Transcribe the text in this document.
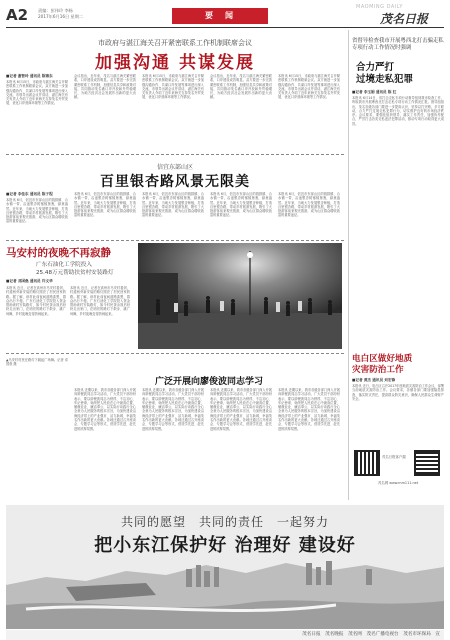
A2 责编：彭伟玲 李杨
2017年6月16日 星期二	要　闻
MAOMING DAILY
茂名日报
市政府与湛江海关召开紧密联系工作机制联席会议
加强沟通 共谋发展
■记者 谢智玲 通讯员 陈锦东
本报讯 6月15日，市政府与湛江海关召开紧密联系工作机制联席会议。双方就进一步加强沟通协作、共谋口岸发展等事项进行深入交流。市领导出席会议并讲话，湛江海关有关负责人介绍了近年来海关支持茂名外贸发展、优化口岸营商环境等工作情况。
会议指出，近年来，茂名与湛江海关紧密联系，口岸建设成效明显。双方要进一步完善紧密联系工作机制，加强信息共享和政策对接，共同推动茂名港口岸开放和外贸稳增长，为地方经济社会发展作出新的更大贡献。
本报讯 6月15日，市政府与湛江海关召开紧密联系工作机制联席会议。双方就进一步加强沟通协作、共谋口岸发展等事项进行深入交流。市领导出席会议并讲话，湛江海关有关负责人介绍了近年来海关支持茂名外贸发展、优化口岸营商环境等工作情况。
会议指出，近年来，茂名与湛江海关紧密联系，口岸建设成效明显。双方要进一步完善紧密联系工作机制，加强信息共享和政策对接，共同推动茂名港口岸开放和外贸稳增长，为地方经济社会发展作出新的更大贡献。
本报讯 6月15日，市政府与湛江海关召开紧密联系工作机制联席会议。双方就进一步加强沟通协作、共谋口岸发展等事项进行深入交流。市领导出席会议并讲话，湛江海关有关负责人介绍了近年来海关支持茂名外贸发展、优化口岸营商环境等工作情况。
省督导检查我市开展粤西北打击骗走私专项行动工作情况时强调
合力严打
过境走私犯罪
■记者 李玉娟 通讯员 陈 红
本报讯 6月14日，省打击走私专项行动督导组到我市检查工作，听取我市开展粤西北打击走私专项行动工作情况汇报。督导组指出，茂名各级各部门要进一步提高认识，坚持以打开路，多方联动，合力严打过境走私犯罪行为，切实维护良好的市场经济秩序。会议要求，要强化组织领导，落实工作责任，加强协作配合，严厉打击各类走私违法犯罪活动，推动专项行动取得更大成效。
信宜东部山区
百里银杏路风景无限美
■记者 李佳东 通讯员 陈子程
本报讯 6月，信宜市东部山区的钱排镇、合水镇一带，沿途银杏树郁郁葱葱，绿意盎然。近年来，当地大力发展银杏种植，打造百里银杏路，带动乡村旅游发展，吸引了大批游客前来观光旅游，成为山区群众增收致富的重要途径。
本报讯 6月，信宜市东部山区的钱排镇、合水镇一带，沿途银杏树郁郁葱葱，绿意盎然。近年来，当地大力发展银杏种植，打造百里银杏路，带动乡村旅游发展，吸引了大批游客前来观光旅游，成为山区群众增收致富的重要途径。
本报讯 6月，信宜市东部山区的钱排镇、合水镇一带，沿途银杏树郁郁葱葱，绿意盎然。近年来，当地大力发展银杏种植，打造百里银杏路，带动乡村旅游发展，吸引了大批游客前来观光旅游，成为山区群众增收致富的重要途径。
本报讯 6月，信宜市东部山区的钱排镇、合水镇一带，沿途银杏树郁郁葱葱，绿意盎然。近年来，当地大力发展银杏种植，打造百里银杏路，带动乡村旅游发展，吸引了大批游客前来观光旅游，成为山区群众增收致富的重要途径。
本报讯 6月，信宜市东部山区的钱排镇、合水镇一带，沿途银杏树郁郁葱葱，绿意盎然。近年来，当地大力发展银杏种植，打造百里银杏路，带动乡村旅游发展，吸引了大批游客前来观光旅游，成为山区群众增收致富的重要途径。
马安村的夜晚不再寂静
广东石油化工学院投入
25.48万元帮助扶贫村安装路灯
■记者 邓国燊 通讯员 许文华
本报讯 近日，记者在高州市马安村看到，村道两旁新安装的路灯照亮了村民回家的路。据了解，该村此前夜间道路漆黑，群众出行不便。广东石油化工学院投入资金帮助该村安装路灯，如今村民茶余饭后纷纷走出家门，在明亮的路灯下散步、跳广场舞，乡村夜晚变得热闹起来。
本报讯 近日，记者在高州市马安村看到，村道两旁新安装的路灯照亮了村民回家的路。据了解，该村此前夜间道路漆黑，群众出行不便。广东石油化工学院投入资金帮助该村安装路灯，如今村民茶余饭后纷纷走出家门，在明亮的路灯下散步、跳广场舞，乡村夜晚变得热闹起来。
▲马安村村民在路灯下跳起广场舞。记者 邓国燊 摄
广泛开展向廖俊波同志学习
本报讯 近期以来，我市各级各部门深入开展向廖俊波同志学习活动，广大党员干部纷纷表示，要以廖俊波同志为榜样，不忘初心、牢记使命，始终把人民放在心中最高位置，兢兢业业、廉洁奉公，以实际行动践行全心全意为人民服务的根本宗旨，为加快建设沿海经济带上的产业强市、活力新城、幸福茂名作出新的更大贡献。各地还通过召开座谈会、专题学习会等形式，营造学先进、赶先进的浓厚氛围。
本报讯 近期以来，我市各级各部门深入开展向廖俊波同志学习活动，广大党员干部纷纷表示，要以廖俊波同志为榜样，不忘初心、牢记使命，始终把人民放在心中最高位置，兢兢业业、廉洁奉公，以实际行动践行全心全意为人民服务的根本宗旨，为加快建设沿海经济带上的产业强市、活力新城、幸福茂名作出新的更大贡献。各地还通过召开座谈会、专题学习会等形式，营造学先进、赶先进的浓厚氛围。
本报讯 近期以来，我市各级各部门深入开展向廖俊波同志学习活动，广大党员干部纷纷表示，要以廖俊波同志为榜样，不忘初心、牢记使命，始终把人民放在心中最高位置，兢兢业业、廉洁奉公，以实际行动践行全心全意为人民服务的根本宗旨，为加快建设沿海经济带上的产业强市、活力新城、幸福茂名作出新的更大贡献。各地还通过召开座谈会、专题学习会等形式，营造学先进、赶先进的浓厚氛围。
本报讯 近期以来，我市各级各部门深入开展向廖俊波同志学习活动，广大党员干部纷纷表示，要以廖俊波同志为榜样，不忘初心、牢记使命，始终把人民放在心中最高位置，兢兢业业、廉洁奉公，以实际行动践行全心全意为人民服务的根本宗旨，为加快建设沿海经济带上的产业强市、活力新城、幸福茂名作出新的更大贡献。各地还通过召开座谈会、专题学习会等形式，营造学先进、赶先进的浓厚氛围。
电白区做好地质
灾害防治工作
■记者 黄杰 通讯员 刘宏锋
本报讯 近日，电白区召开2017年度地质灾害防治工作会议，部署当前地质灾害防治工作。会议要求，各镇各部门要加强隐患排查，落实防灾责任，提高群众防灾意识，确保人民群众生命财产安全。
茂名日报客户端
茂名网 www.mm111.net
共同的愿望　共同的责任　一起努力
把小东江保护好 治理好 建设好
茂名日报　茂名晚报　茂名网　茂名广播电视台　茂名市环保局　宣
